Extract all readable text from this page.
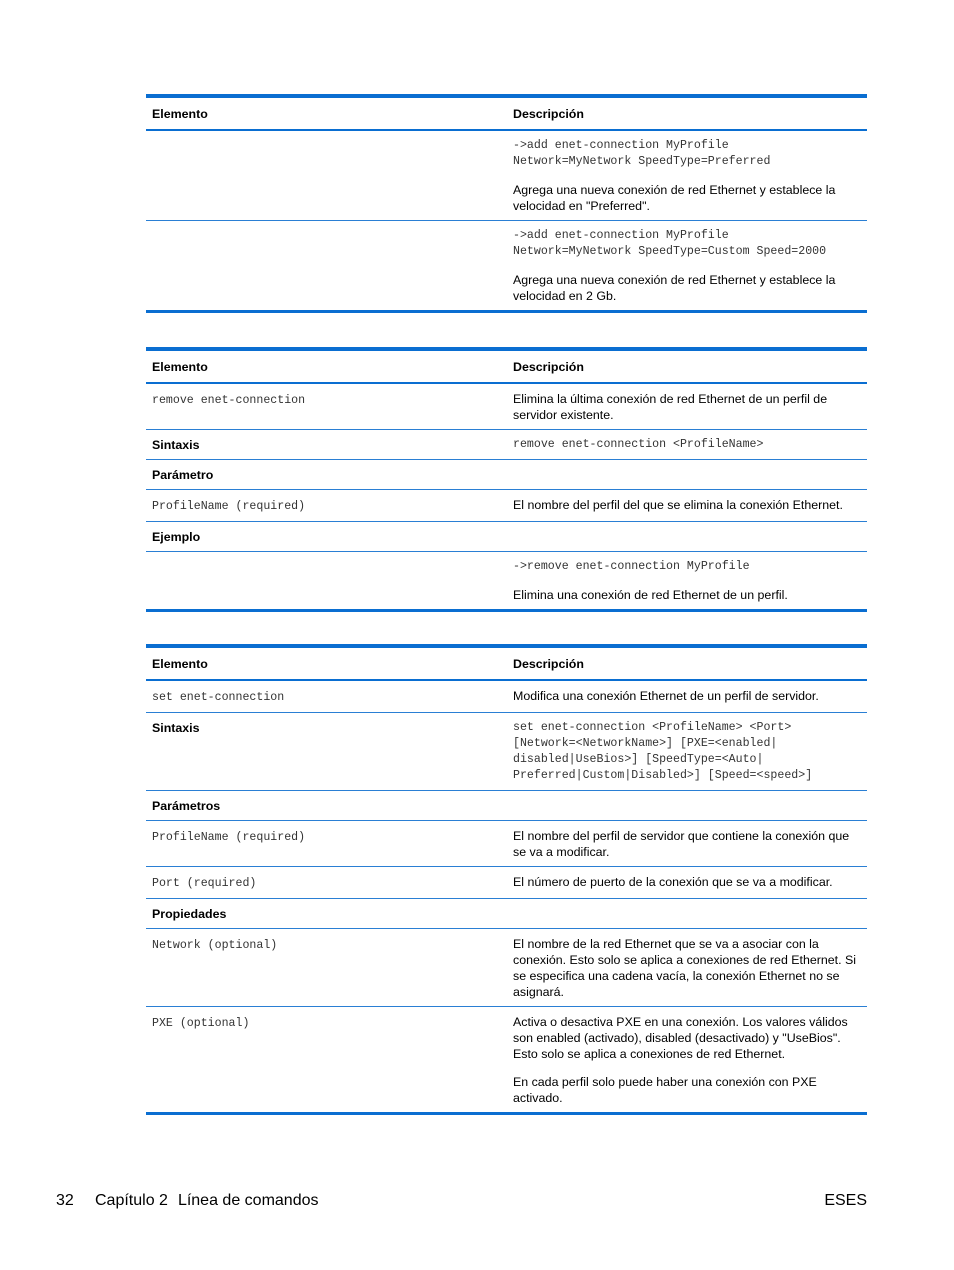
Elemento	Descripción

	->add enet-connection MyProfile
Network=MyNetwork SpeedType=Preferred
Agrega una nueva conexión de red Ethernet y establece la velocidad en "Preferred".

	->add enet-connection MyProfile
Network=MyNetwork SpeedType=Custom Speed=2000
Agrega una nueva conexión de red Ethernet y establece la velocidad en 2 Gb.
Elemento	Descripción
remove enet-connection	Elimina la última conexión de red Ethernet de un perfil de servidor existente.

Sintaxis	remove enet-connection <ProfileName>

Parámetro	
ProfileName (required)	El nombre del perfil del que se elimina la conexión Ethernet.

Ejemplo	

	->remove enet-connection MyProfile
Elimina una conexión de red Ethernet de un perfil.
Elemento	Descripción
set enet-connection	Modifica una conexión Ethernet de un perfil de servidor.

Sintaxis	set enet-connection <ProfileName> <Port>
[Network=<NetworkName>] [PXE=<enabled|
disabled|UseBios>] [SpeedType=<Auto|
Preferred|Custom|Disabled>] [Speed=<speed>]

Parámetros	
ProfileName (required)	El nombre del perfil de servidor que contiene la conexión que se va a modificar.

Port (required)	El número de puerto de la conexión que se va a modificar.

Propiedades	
Network (optional)	El nombre de la red Ethernet que se va a asociar con la conexión. Esto solo se aplica a conexiones de red Ethernet. Si se especifica una cadena vacía, la conexión Ethernet no se asignará.

PXE (optional)	Activa o desactiva PXE en una conexión. Los valores válidos son enabled (activado), disabled (desactivado) y "UseBios". Esto solo se aplica a conexiones de red Ethernet.
En cada perfil solo puede haber una conexión con PXE activado.
32 Capítulo 2 Línea de comandos	ESES
